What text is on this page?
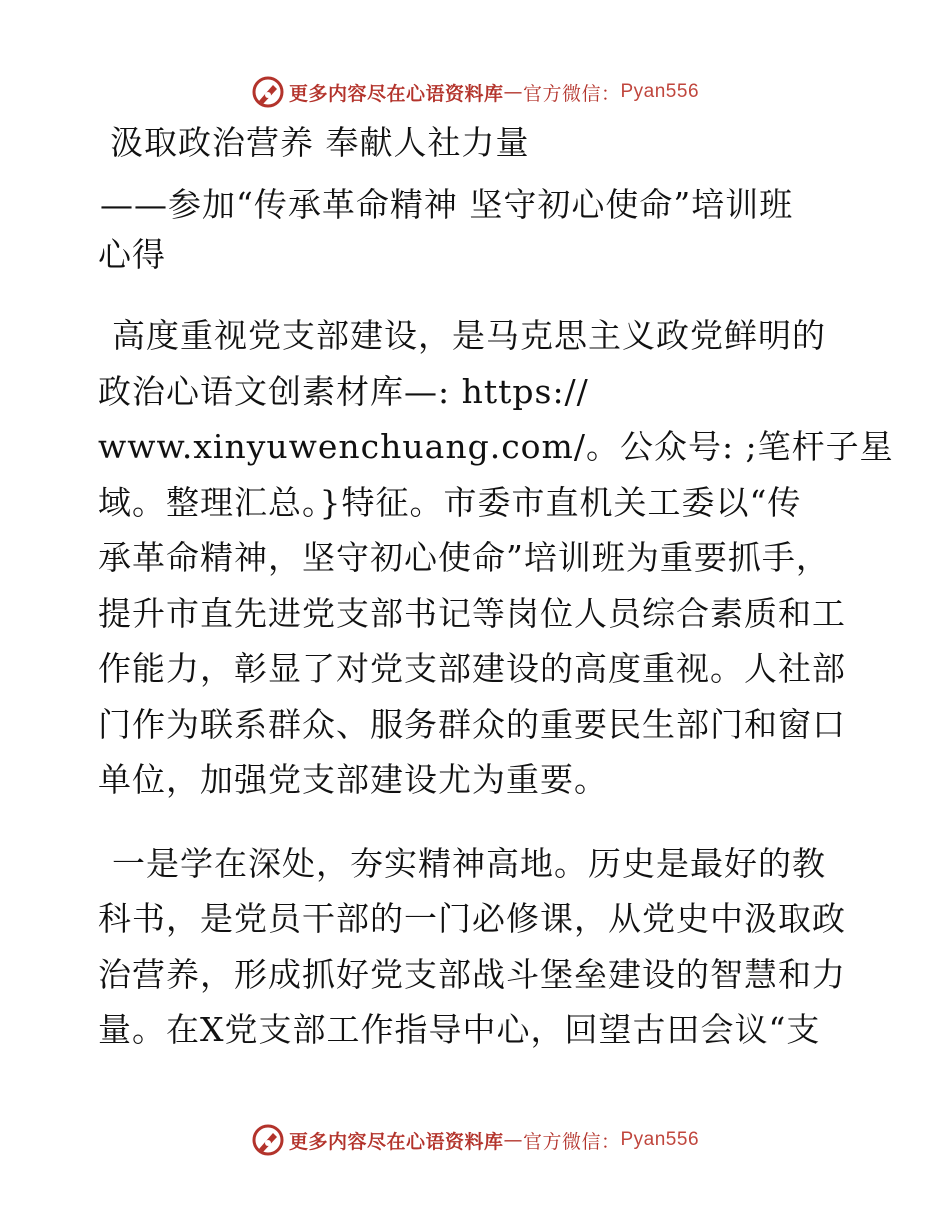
更多内容尽在心语资料库 — 官方微信： Pyan556
汲取政治营养 奉献人社力量
——参加“传承革命精神 坚守初心使命”培训班
心得
高度重视党支部建设，是马克思主义政党鲜明的
政治心语文创素材库—: https://
www.xinyuwenchuang.com/。公众号: ;笔杆子星
域。整理汇总。}特征。市委市直机关工委以“传
承革命精神，坚守初心使命”培训班为重要抓手，
提升市直先进党支部书记等岗位人员综合素质和工
作能力，彰显了对党支部建设的高度重视。人社部
门作为联系群众、服务群众的重要民生部门和窗口
单位，加强党支部建设尤为重要。
一是学在深处，夯实精神高地。历史是最好的教
科书，是党员干部的一门必修课，从党史中汲取政
治营养，形成抓好党支部战斗堡垒建设的智慧和力
量。在X党支部工作指导中心，回望古田会议“支
更多内容尽在心语资料库 — 官方微信： Pyan556
